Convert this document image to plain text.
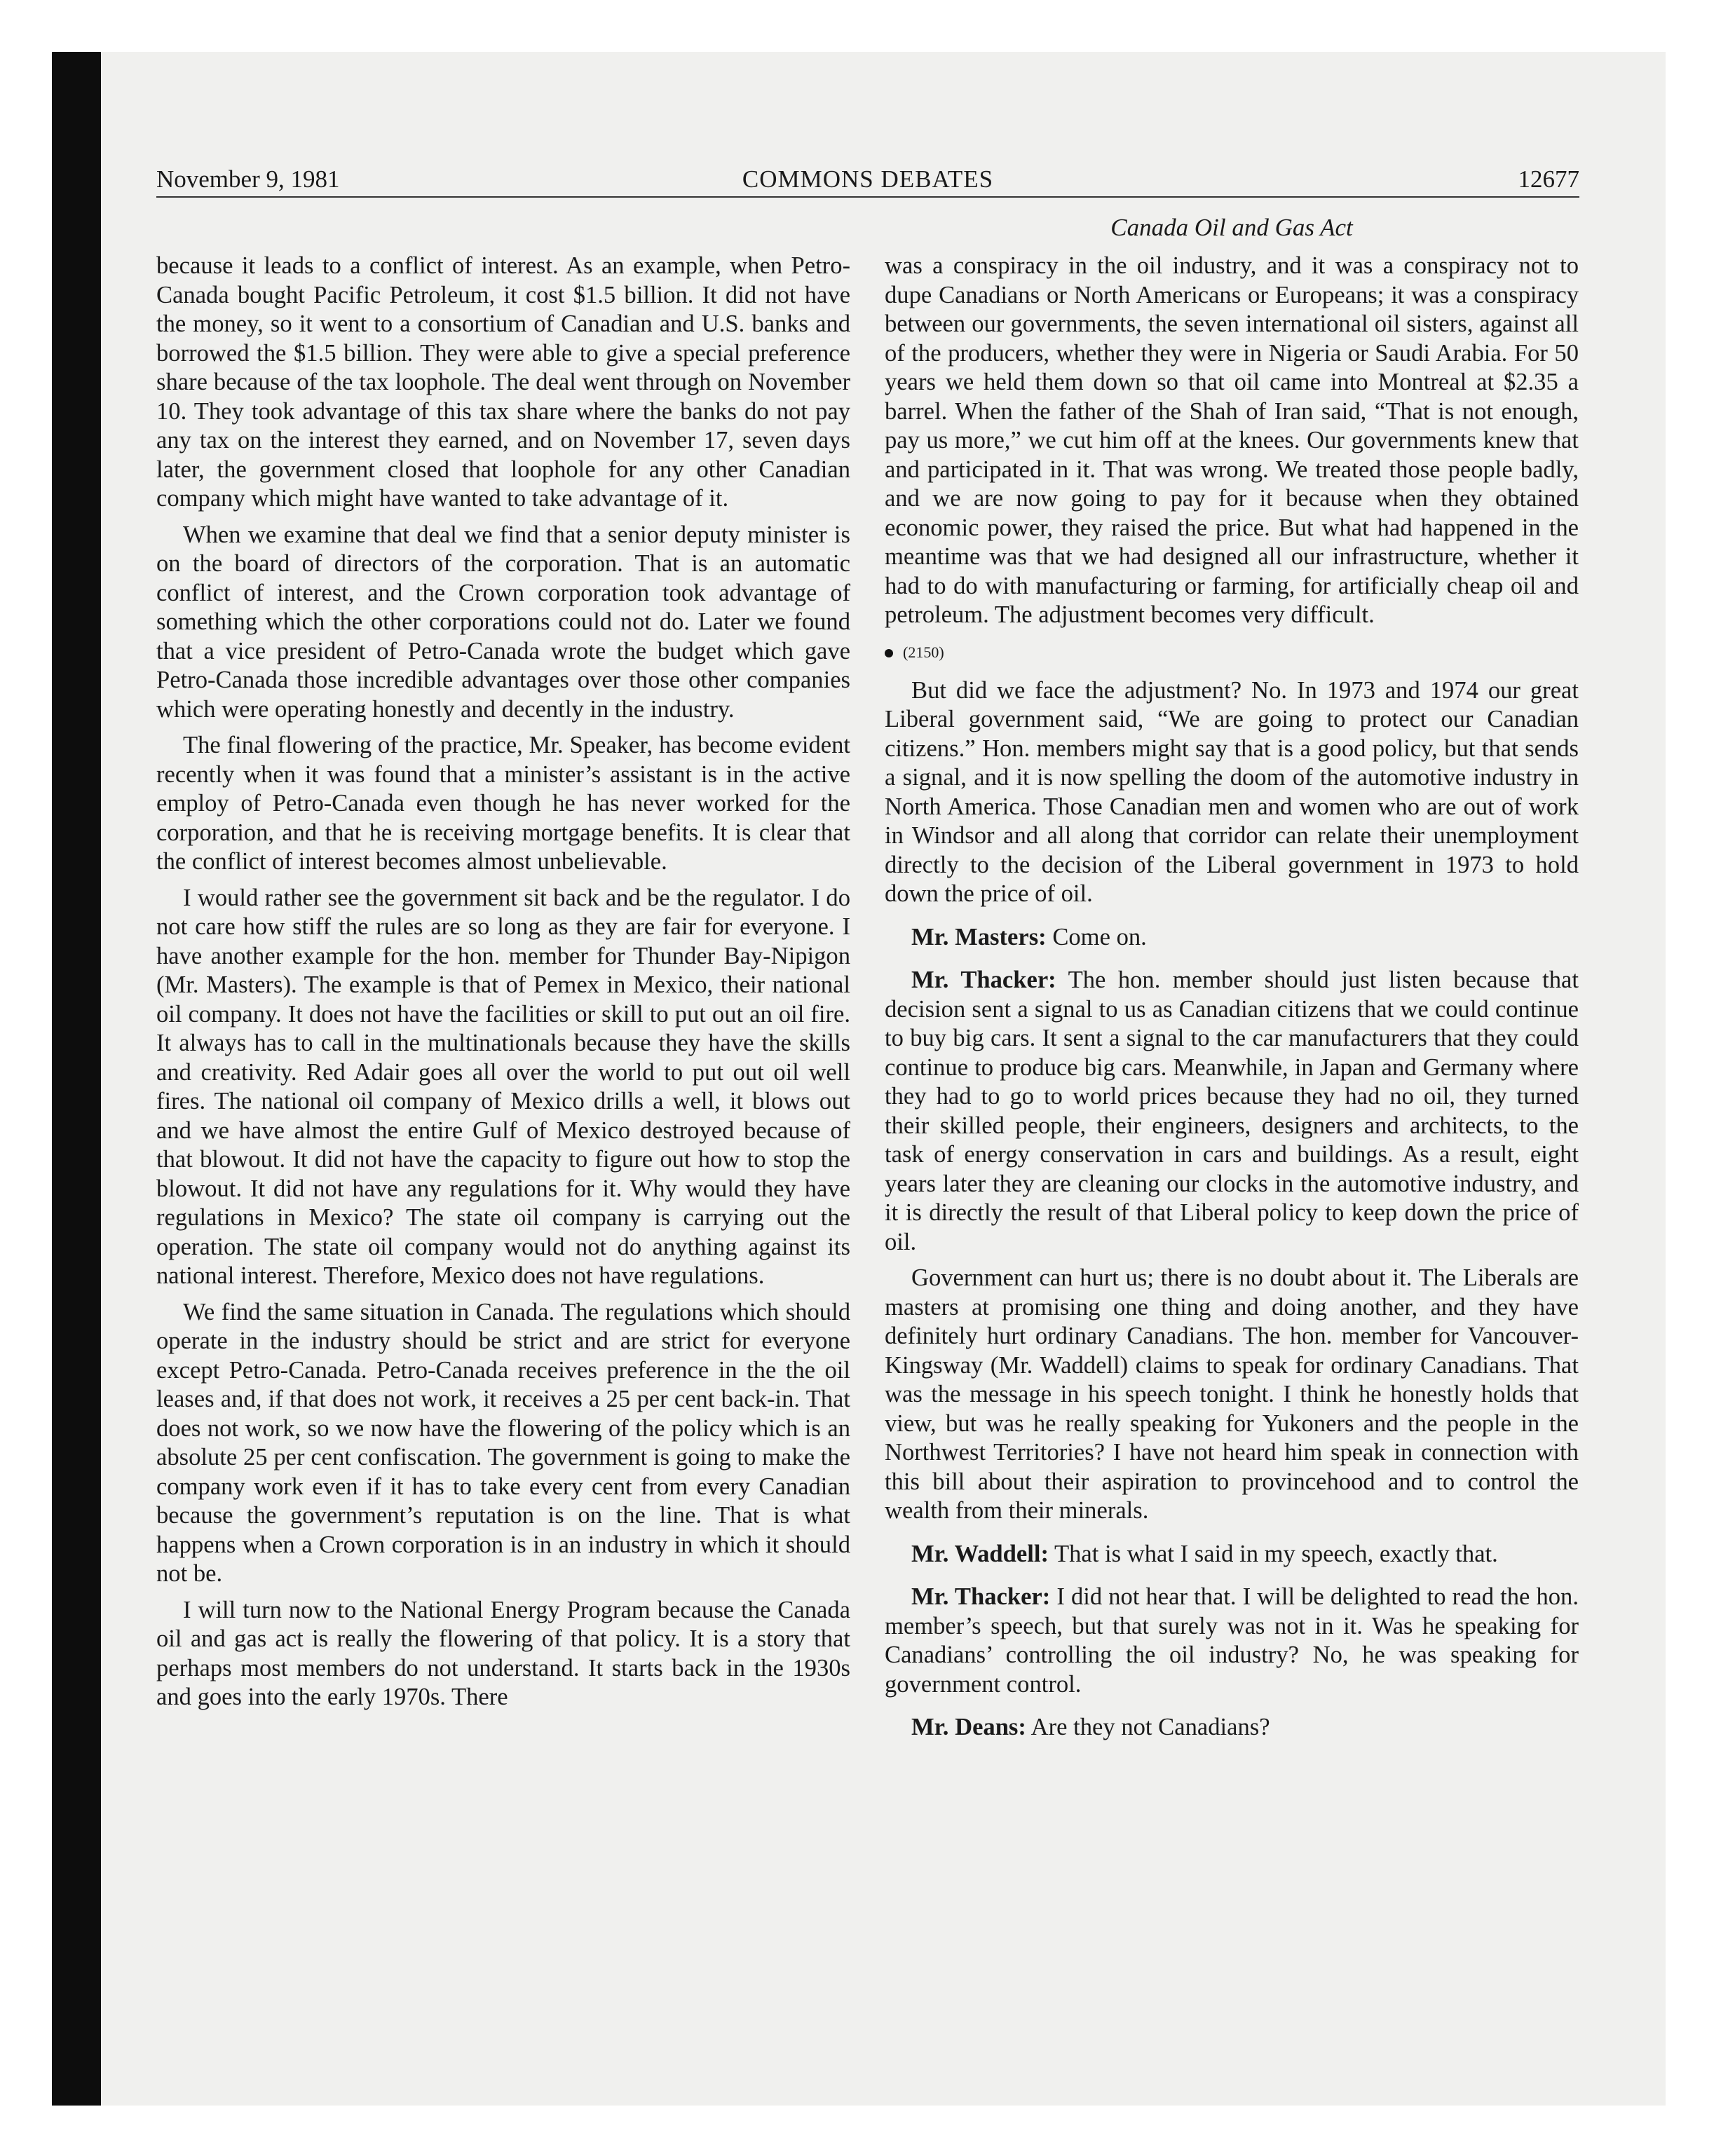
November 9, 1981	COMMONS DEBATES	12677
Canada Oil and Gas Act

because it leads to a conflict of interest. As an example, when Petro-Canada bought Pacific Petroleum, it cost $1.5 billion. It did not have the money, so it went to a consortium of Canadian and U.S. banks and borrowed the $1.5 billion. They were able to give a special preference share because of the tax loophole. The deal went through on November 10. They took advantage of this tax share where the banks do not pay any tax on the interest they earned, and on November 17, seven days later, the government closed that loophole for any other Canadian company which might have wanted to take advantage of it.

When we examine that deal we find that a senior deputy minister is on the board of directors of the corporation. That is an automatic conflict of interest, and the Crown corporation took advantage of something which the other corporations could not do. Later we found that a vice president of Petro-Canada wrote the budget which gave Petro-Canada those incredible advantages over those other companies which were operating honestly and decently in the industry.

The final flowering of the practice, Mr. Speaker, has become evident recently when it was found that a minister’s assistant is in the active employ of Petro-Canada even though he has never worked for the corporation, and that he is receiving mortgage benefits. It is clear that the conflict of interest becomes almost unbelievable.

I would rather see the government sit back and be the regulator. I do not care how stiff the rules are so long as they are fair for everyone. I have another example for the hon. member for Thunder Bay-Nipigon (Mr. Masters). The example is that of Pemex in Mexico, their national oil company. It does not have the facilities or skill to put out an oil fire. It always has to call in the multinationals because they have the skills and creativity. Red Adair goes all over the world to put out oil well fires. The national oil company of Mexico drills a well, it blows out and we have almost the entire Gulf of Mexico destroyed because of that blowout. It did not have the capacity to figure out how to stop the blowout. It did not have any regulations for it. Why would they have regulations in Mexico? The state oil company is carrying out the operation. The state oil company would not do anything against its national interest. Therefore, Mexico does not have regulations.

We find the same situation in Canada. The regulations which should operate in the industry should be strict and are strict for everyone except Petro-Canada. Petro-Canada receives preference in the the oil leases and, if that does not work, it receives a 25 per cent back-in. That does not work, so we now have the flowering of the policy which is an absolute 25 per cent confiscation. The government is going to make the company work even if it has to take every cent from every Canadian because the government’s reputation is on the line. That is what happens when a Crown corporation is in an industry in which it should not be.

I will turn now to the National Energy Program because the Canada oil and gas act is really the flowering of that policy. It is a story that perhaps most members do not understand. It starts back in the 1930s and goes into the early 1970s. There

was a conspiracy in the oil industry, and it was a conspiracy not to dupe Canadians or North Americans or Europeans; it was a conspiracy between our governments, the seven international oil sisters, against all of the producers, whether they were in Nigeria or Saudi Arabia. For 50 years we held them down so that oil came into Montreal at $2.35 a barrel. When the father of the Shah of Iran said, “That is not enough, pay us more,” we cut him off at the knees. Our governments knew that and participated in it. That was wrong. We treated those people badly, and we are now going to pay for it because when they obtained economic power, they raised the price. But what had happened in the meantime was that we had designed all our infrastructure, whether it had to do with manufacturing or farming, for artificially cheap oil and petroleum. The adjustment becomes very difficult.

(2150)

But did we face the adjustment? No. In 1973 and 1974 our great Liberal government said, “We are going to protect our Canadian citizens.” Hon. members might say that is a good policy, but that sends a signal, and it is now spelling the doom of the automotive industry in North America. Those Canadian men and women who are out of work in Windsor and all along that corridor can relate their unemployment directly to the decision of the Liberal government in 1973 to hold down the price of oil.

Mr. Masters: Come on.

Mr. Thacker: The hon. member should just listen because that decision sent a signal to us as Canadian citizens that we could continue to buy big cars. It sent a signal to the car manufacturers that they could continue to produce big cars. Meanwhile, in Japan and Germany where they had to go to world prices because they had no oil, they turned their skilled people, their engineers, designers and architects, to the task of energy conservation in cars and buildings. As a result, eight years later they are cleaning our clocks in the automotive industry, and it is directly the result of that Liberal policy to keep down the price of oil.

Government can hurt us; there is no doubt about it. The Liberals are masters at promising one thing and doing another, and they have definitely hurt ordinary Canadians. The hon. member for Vancouver-Kingsway (Mr. Waddell) claims to speak for ordinary Canadians. That was the message in his speech tonight. I think he honestly holds that view, but was he really speaking for Yukoners and the people in the Northwest Territories? I have not heard him speak in connection with this bill about their aspiration to provincehood and to control the wealth from their minerals.

Mr. Waddell: That is what I said in my speech, exactly that.

Mr. Thacker: I did not hear that. I will be delighted to read the hon. member’s speech, but that surely was not in it. Was he speaking for Canadians’ controlling the oil industry? No, he was speaking for government control.

Mr. Deans: Are they not Canadians?
